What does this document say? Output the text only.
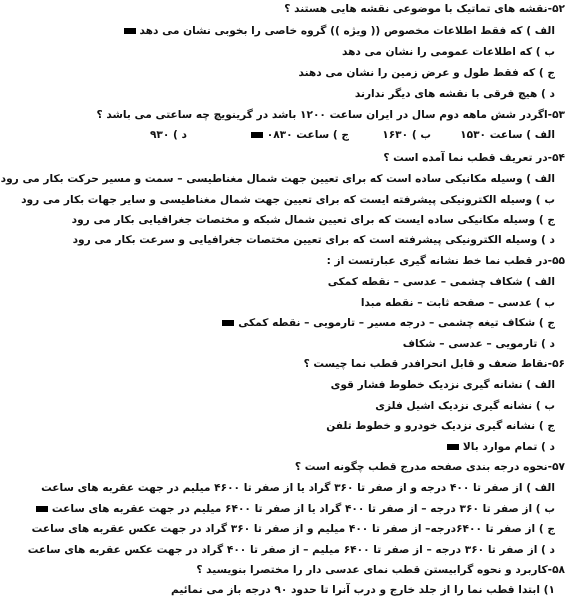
۵۲-نقشه های تماتیک با موضوعی نقشه هایی هستند ؟
الف ) که فقط اطلاعات مخصوص (( ویژه )) گروه خاصی را بخوبی نشان می دهد
ب ) که اطلاعات عمومی را نشان می دهد
ج ) که فقط طول و عرض زمین را نشان می دهند
د ) هیچ فرقی با نقشه های دیگر ندارند
۵۳-اگردر شش ماهه دوم سال در ایران ساعت ۱۲۰۰ باشد در گرینویچ چه ساعتی می باشد ؟
الف ) ساعت ۱۵۳۰
ب ) ۱۶۳۰
ج ) ساعت ۰۸۳۰
د ) ۹۳۰
۵۴-در تعریف قطب نما آمده است ؟
الف ) وسیله مکانیکی ساده است که برای تعیین جهت شمال مغناطیسی – سمت و مسیر حرکت بکار می رود
ب ) وسیله الکترونیکی پیشرفته ایست که برای تعیین جهت شمال مغناطیسی و سایر جهات بکار می رود
ج ) وسیله مکانیکی ساده ایست که برای تعیین شمال شبکه و مختصات جغرافیایی بکار می رود
د ) وسیله الکترونیکی پیشرفته است که برای تعیین مختصات جغرافیایی و سرعت بکار می رود
۵۵-در قطب نما خط نشانه گیری عبارتست از :
الف ) شکاف چشمی – عدسی – نقطه کمکی
ب ) عدسی – صفحه ثابت – نقطه مبدا
ج ) شکاف تیغه چشمی – درجه مسیر – تارمویی – نقطه کمکی
د ) تارمویی – عدسی – شکاف
۵۶-نقاط ضعف و قابل انحرافدر قطب نما چیست ؟
الف ) نشانه گیری نزدیک خطوط فشار قوی
ب ) نشانه گیری نزدیک اشیل فلزی
ج ) نشانه گیری نزدیک خودرو و خطوط تلفن
د ) تمام موارد بالا
۵۷-نحوه درجه بندی صفحه مدرج قطب چگونه است ؟
الف ) از صفر تا ۴۰۰ درجه و از صفر تا ۳۶۰ گراد یا از صفر تا ۴۶۰۰ میلیم در جهت عقربه های ساعت
ب ) از صفر تا ۳۶۰ درجه – از صفر تا ۴۰۰ گراد یا از صفر تا ۶۴۰۰ میلیم در جهت عقربه های ساعت
ج ) از صفر تا ۶۴۰۰درجه– از صفر تا ۴۰۰ میلیم و از صفر تا ۳۶۰ گراد در جهت عکس عقربه های ساعت
د ) از صفر تا ۳۶۰ درجه – از صفر تا ۶۴۰۰ میلیم – از صفر تا ۴۰۰ گراد در جهت عکس عقربه های ساعت
۵۸-کاربرد و نحوه گرابیستن قطب نمای عدسی دار را مختصرا بنویسید ؟
۱) ابتدا قطب نما را از جلد خارج و درب آنرا تا حدود ۹۰ درجه باز می نمائیم
